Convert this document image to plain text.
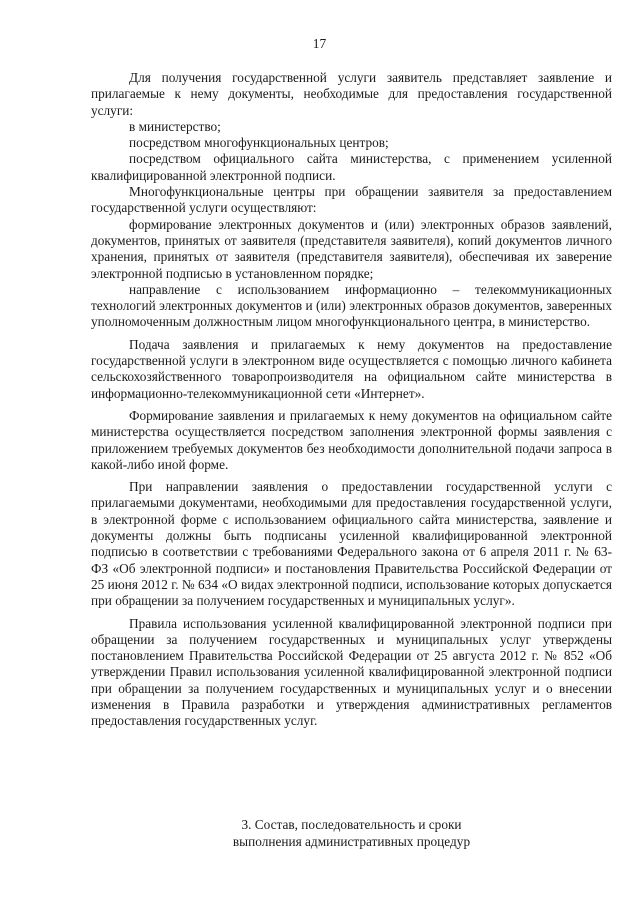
17

Для получения государственной услуги заявитель представляет заявление и прилагаемые к нему документы, необходимые для предоставления государственной услуги:

в министерство;

посредством многофункциональных центров;

посредством официального сайта министерства, с применением усиленной квалифицированной электронной подписи.

Многофункциональные центры при обращении заявителя за предоставлением государственной услуги осуществляют:

формирование электронных документов и (или) электронных образов заявлений, документов, принятых от заявителя (представителя заявителя), копий документов личного хранения, принятых от заявителя (представителя заявителя), обеспечивая их заверение электронной подписью в установленном порядке;

направление с использованием информационно – телекоммуникационных технологий электронных документов и (или) электронных образов документов, заверенных уполномоченным должностным лицом многофункционального центра, в министерство.

Подача заявления и прилагаемых к нему документов на предоставление государственной услуги в электронном виде осуществляется с помощью личного кабинета сельскохозяйственного товаропроизводителя на официальном сайте министерства в информационно-телекоммуникационной сети «Интернет».

Формирование заявления и прилагаемых к нему документов на официальном сайте министерства осуществляется посредством заполнения электронной формы заявления с приложением требуемых документов без необходимости дополнительной подачи запроса в какой-либо иной форме.

При направлении заявления о предоставлении государственной услуги с прилагаемыми документами, необходимыми для предоставления государственной услуги, в электронной форме с использованием официального сайта министерства, заявление и документы должны быть подписаны усиленной квалифицированной электронной подписью в соответствии с требованиями Федерального закона от 6 апреля 2011 г. № 63-ФЗ «Об электронной подписи» и постановления Правительства Российской Федерации от 25 июня 2012 г. № 634 «О видах электронной подписи, использование которых допускается при обращении за получением государственных и муниципальных услуг».

Правила использования усиленной квалифицированной электронной подписи при обращении за получением государственных и муниципальных услуг утверждены постановлением Правительства Российской Федерации от 25 августа 2012 г. № 852 «Об утверждении Правил использования усиленной квалифицированной электронной подписи при обращении за получением государственных и муниципальных услуг и о внесении изменения в Правила разработки и утверждения административных регламентов предоставления государственных услуг.

3. Состав, последовательность и сроки
выполнения административных процедур
